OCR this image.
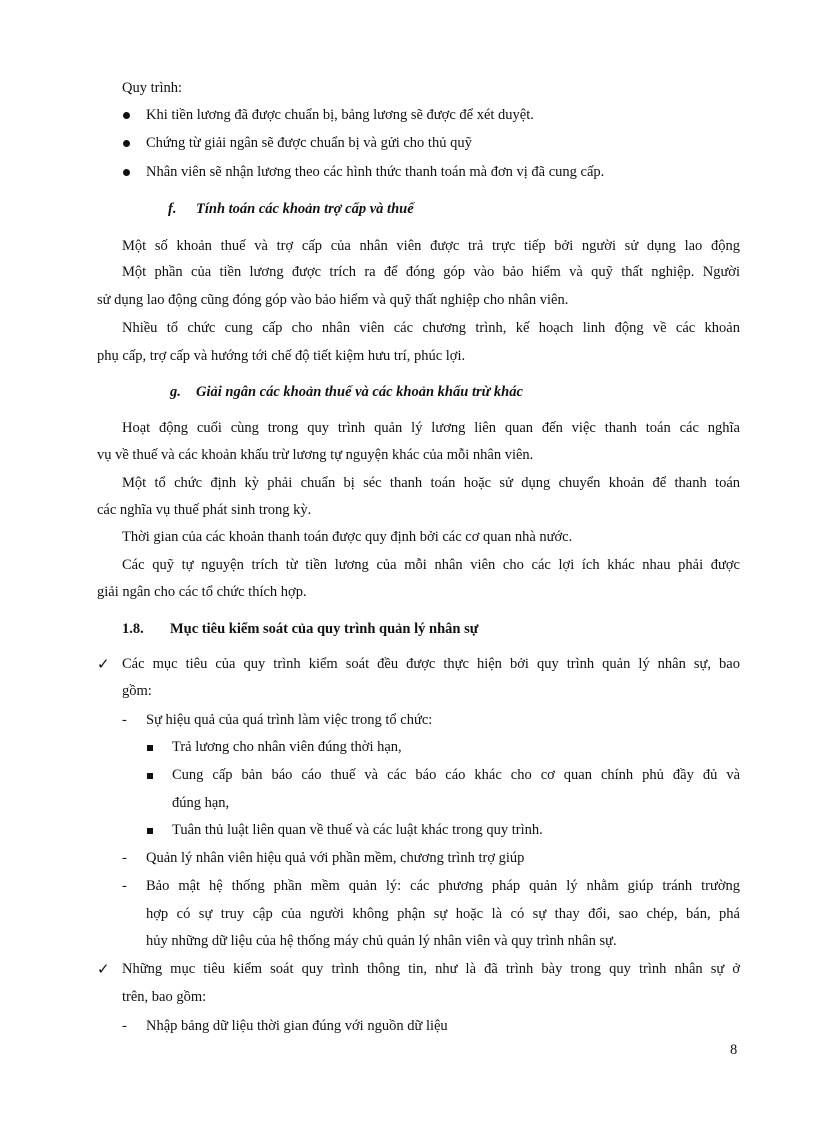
Quy trình:
Khi tiền lương đã được chuẩn bị, bảng lương sẽ được để xét duyệt.
Chứng từ giải ngân sẽ được chuẩn bị và gửi cho thủ quỹ
Nhân viên sẽ nhận lương theo các hình thức thanh toán mà đơn vị đã cung cấp.
f. Tính toán các khoản trợ cấp và thuế
Một số khoản thuế và trợ cấp của nhân viên được trả trực tiếp bởi người sử dụng lao động
Một phần của tiền lương được trích ra để đóng góp vào bảo hiểm và quỹ thất nghiệp. Người
sử dụng lao động cũng đóng góp vào bảo hiểm và quỹ thất nghiệp cho nhân viên.
Nhiều tổ chức cung cấp cho nhân viên các chương trình, kế hoạch linh động về các khoản
phụ cấp, trợ cấp và hướng tới chế độ tiết kiệm hưu trí, phúc lợi.
g. Giải ngân các khoản thuế và các khoản khấu trừ khác
Hoạt động cuối cùng trong quy trình quản lý lương liên quan đến việc thanh toán các nghĩa
vụ về thuế và các khoản khấu trừ lương tự nguyện khác của mỗi nhân viên.
Một tổ chức định kỳ phải chuẩn bị séc thanh toán hoặc sử dụng chuyển khoản để thanh toán
các nghĩa vụ thuế phát sinh trong kỳ.
Thời gian của các khoản thanh toán được quy định bởi các cơ quan nhà nước.
Các quỹ tự nguyện trích từ tiền lương của mỗi nhân viên cho các lợi ích khác nhau phải được
giải ngân cho các tổ chức thích hợp.
1.8. Mục tiêu kiểm soát của quy trình quản lý nhân sự
✓ Các mục tiêu của quy trình kiểm soát đều được thực hiện bởi quy trình quản lý nhân sự, bao
gồm:
- Sự hiệu quả của quá trình làm việc trong tổ chức:
Trả lương cho nhân viên đúng thời hạn,
Cung cấp bản báo cáo thuế và các báo cáo khác cho cơ quan chính phủ đầy đủ và
đúng hạn,
Tuân thủ luật liên quan về thuế và các luật khác trong quy trình.
- Quản lý nhân viên hiệu quả với phần mềm, chương trình trợ giúp
- Bảo mật hệ thống phần mềm quản lý: các phương pháp quản lý nhằm giúp tránh trường
hợp có sự truy cập của người không phận sự hoặc là có sự thay đổi, sao chép, bán, phá
hủy những dữ liệu của hệ thống máy chủ quản lý nhân viên và quy trình nhân sự.
✓ Những mục tiêu kiểm soát quy trình thông tin, như là đã trình bày trong quy trình nhân sự ở
trên, bao gồm:
- Nhập bảng dữ liệu thời gian đúng với nguồn dữ liệu
8
